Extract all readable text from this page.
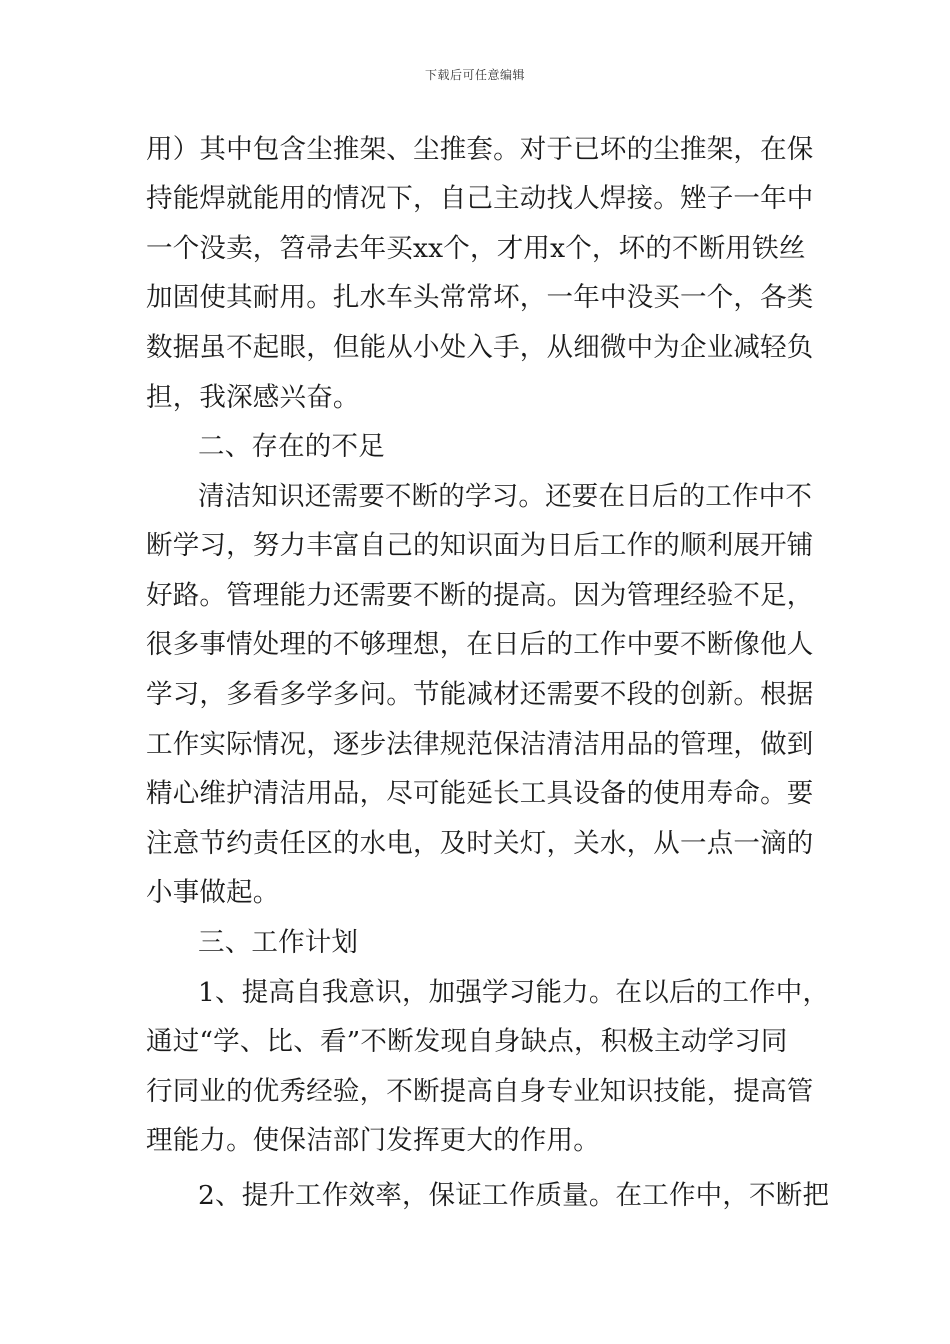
下载后可任意编辑
用）其中包含尘推架、尘推套。对于已坏的尘推架，在保
持能焊就能用的情况下，自己主动找人焊接。矬子一年中
一个没卖，笤帚去年买xx个，才用x个，坏的不断用铁丝
加固使其耐用。扎水车头常常坏，一年中没买一个，各类
数据虽不起眼，但能从小处入手，从细微中为企业减轻负
担，我深感兴奋。
二、存在的不足
清洁知识还需要不断的学习。还要在日后的工作中不
断学习，努力丰富自己的知识面为日后工作的顺利展开铺
好路。管理能力还需要不断的提高。因为管理经验不足，
很多事情处理的不够理想，在日后的工作中要不断像他人
学习，多看多学多问。节能减材还需要不段的创新。根据
工作实际情况，逐步法律规范保洁清洁用品的管理，做到
精心维护清洁用品，尽可能延长工具设备的使用寿命。要
注意节约责任区的水电，及时关灯，关水，从一点一滴的
小事做起。
三、工作计划
1、提高自我意识，加强学习能力。在以后的工作中，
通过“学、比、看”不断发现自身缺点，积极主动学习同
行同业的优秀经验，不断提高自身专业知识技能，提高管
理能力。使保洁部门发挥更大的作用。
2、提升工作效率，保证工作质量。在工作中，不断把
